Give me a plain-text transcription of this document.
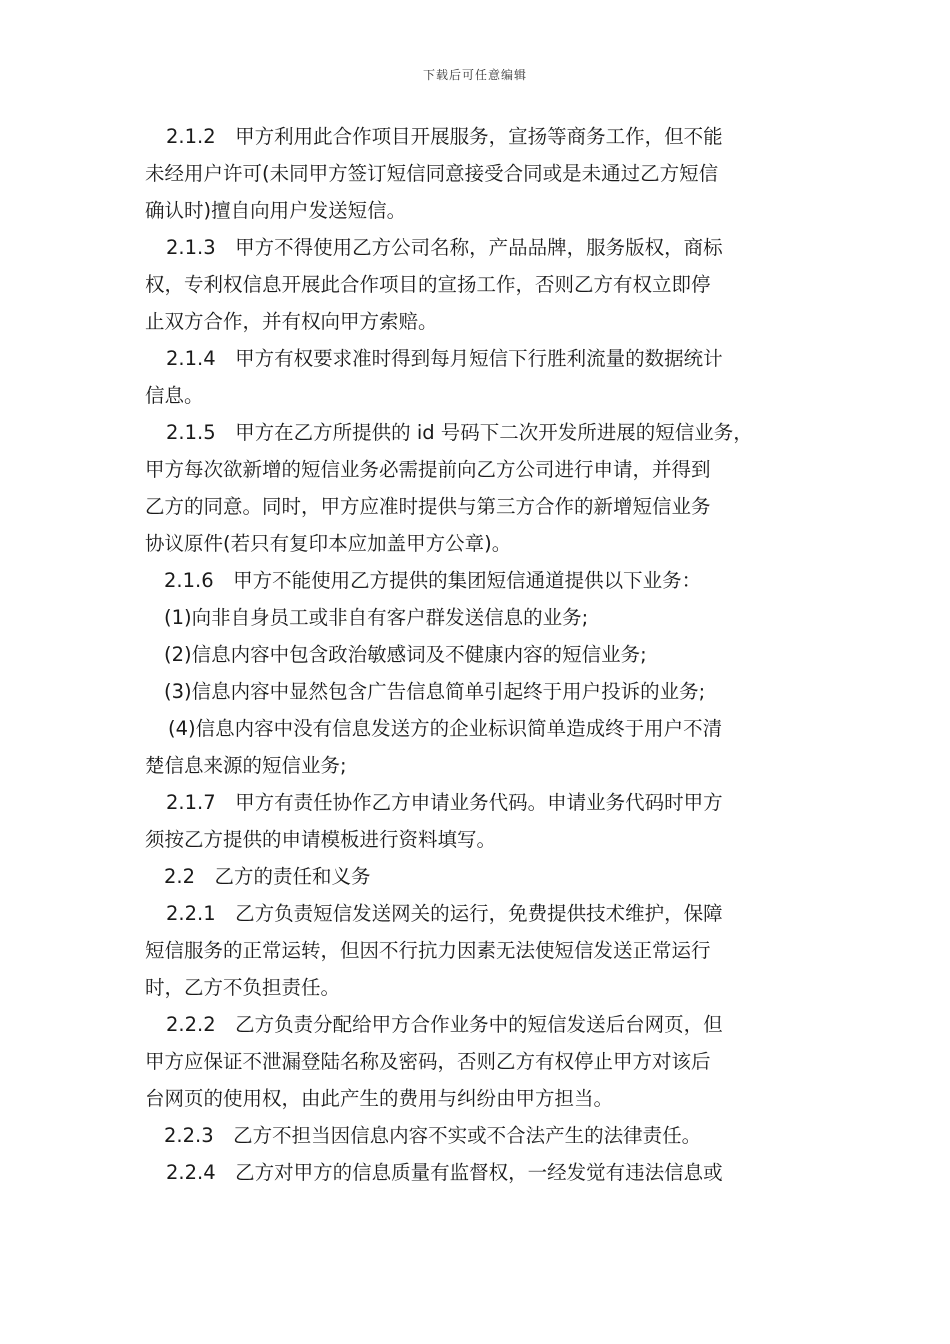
下载后可任意编辑
2.1.2　甲方利用此合作项目开展服务，宣扬等商务工作，但不能
未经用户许可(未同甲方签订短信同意接受合同或是未通过乙方短信
确认时)擅自向用户发送短信。
2.1.3　甲方不得使用乙方公司名称，产品品牌，服务版权，商标
权，专利权信息开展此合作项目的宣扬工作，否则乙方有权立即停
止双方合作，并有权向甲方索赔。
2.1.4　甲方有权要求准时得到每月短信下行胜利流量的数据统计
信息。
2.1.5　甲方在乙方所提供的 id 号码下二次开发所进展的短信业务，
甲方每次欲新增的短信业务必需提前向乙方公司进行申请，并得到
乙方的同意。同时，甲方应准时提供与第三方合作的新增短信业务
协议原件(若只有复印本应加盖甲方公章)。
2.1.6　甲方不能使用乙方提供的集团短信通道提供以下业务：
(1)向非自身员工或非自有客户群发送信息的业务;
(2)信息内容中包含政治敏感词及不健康内容的短信业务;
(3)信息内容中显然包含广告信息简单引起终于用户投诉的业务;
(4)信息内容中没有信息发送方的企业标识简单造成终于用户不清
楚信息来源的短信业务;
2.1.7　甲方有责任协作乙方申请业务代码。申请业务代码时甲方
须按乙方提供的申请模板进行资料填写。
2.2　乙方的责任和义务
2.2.1　乙方负责短信发送网关的运行，免费提供技术维护，保障
短信服务的正常运转，但因不行抗力因素无法使短信发送正常运行
时，乙方不负担责任。
2.2.2　乙方负责分配给甲方合作业务中的短信发送后台网页，但
甲方应保证不泄漏登陆名称及密码，否则乙方有权停止甲方对该后
台网页的使用权，由此产生的费用与纠纷由甲方担当。
2.2.3　乙方不担当因信息内容不实或不合法产生的法律责任。
2.2.4　乙方对甲方的信息质量有监督权，一经发觉有违法信息或
